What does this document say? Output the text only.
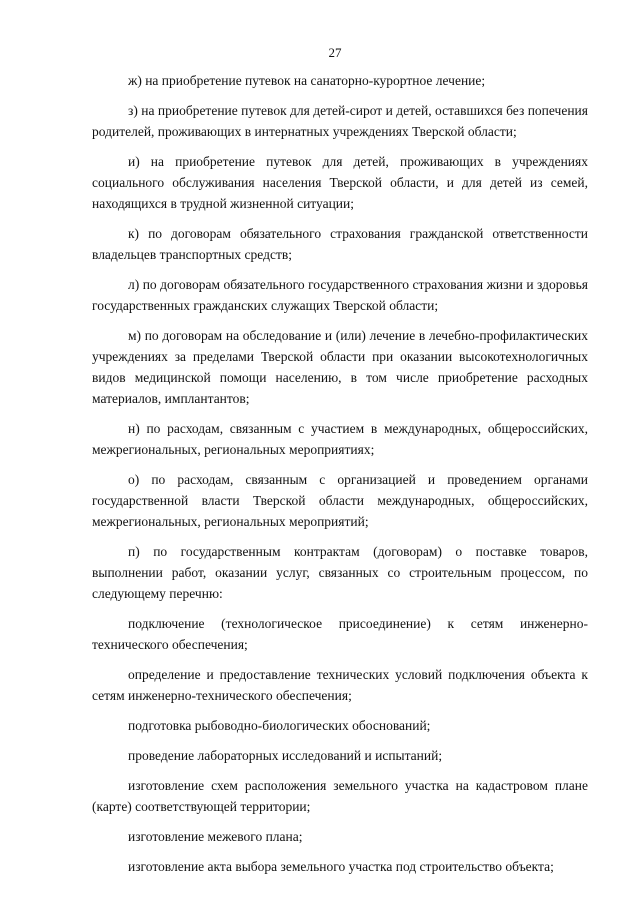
27

ж) на приобретение путевок на санаторно-курортное лечение;

з) на приобретение путевок для детей-сирот и детей, оставшихся без попечения родителей, проживающих в интернатных учреждениях Тверской области;

и) на приобретение путевок для детей, проживающих в учреждениях социального обслуживания населения Тверской области, и для детей из семей, находящихся в трудной жизненной ситуации;

к) по договорам обязательного страхования гражданской ответственности владельцев транспортных средств;

л) по договорам обязательного государственного страхования жизни и здоровья государственных гражданских служащих Тверской области;

м) по договорам на обследование и (или) лечение в лечебно-профилактических учреждениях за пределами Тверской области при оказании высокотехнологичных видов медицинской помощи населению, в том числе приобретение расходных материалов, имплантантов;

н) по расходам, связанным с участием в международных, общероссийских, межрегиональных, региональных мероприятиях;

о) по расходам, связанным с организацией и проведением органами государственной власти Тверской области международных, общероссийских, межрегиональных, региональных мероприятий;

п) по государственным контрактам (договорам) о поставке товаров, выполнении работ, оказании услуг, связанных со строительным процессом, по следующему перечню:

подключение (технологическое присоединение) к сетям инженерно-технического обеспечения;

определение и предоставление технических условий подключения объекта к сетям инженерно-технического обеспечения;

подготовка рыбоводно-биологических обоснований;

проведение лабораторных исследований и испытаний;

изготовление схем расположения земельного участка на кадастровом плане (карте) соответствующей территории;

изготовление межевого плана;

изготовление акта выбора земельного участка под строительство объекта;
